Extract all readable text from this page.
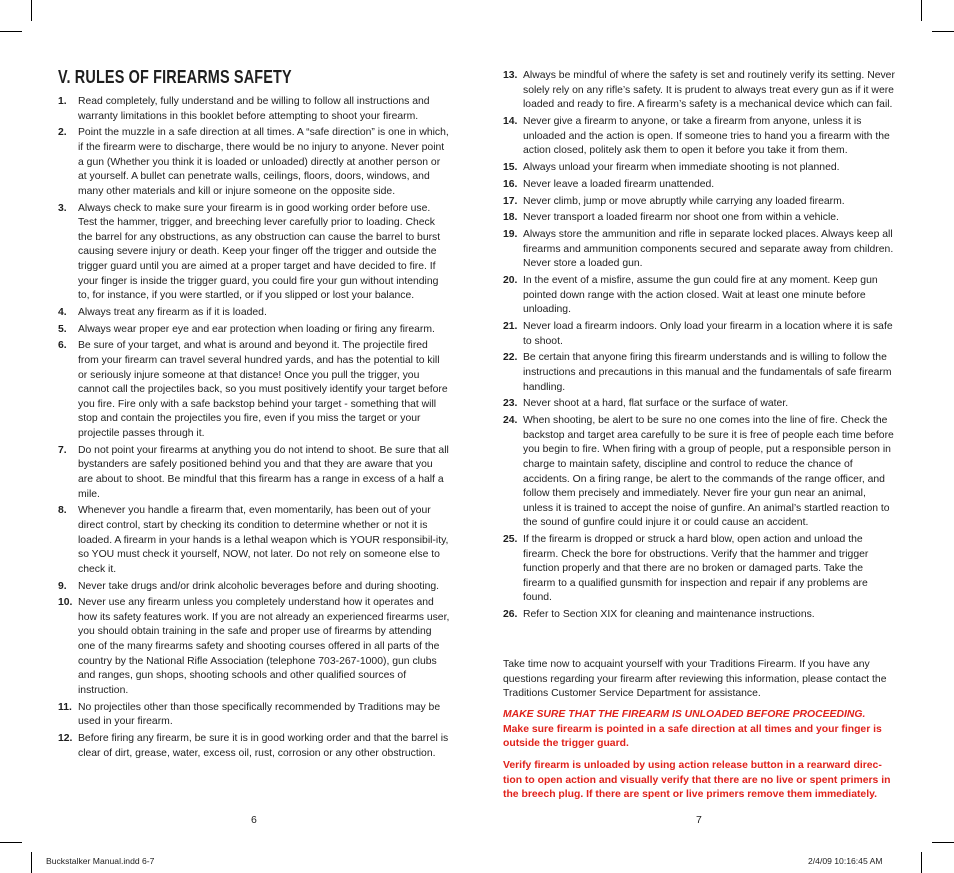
V. RULES OF FIREARMS SAFETY
1. Read completely, fully understand and be willing to follow all instructions and warranty limitations in this booklet before attempting to shoot your firearm.
2. Point the muzzle in a safe direction at all times. A “safe direction” is one in which, if the firearm were to discharge, there would be no injury to anyone. Never point a gun (Whether you think it is loaded or unloaded) directly at another person or at yourself. A bullet can penetrate walls, ceilings, floors, doors, windows, and many other materials and kill or injure someone on the opposite side.
3. Always check to make sure your firearm is in good working order before use. Test the hammer, trigger, and breeching lever carefully prior to loading. Check the barrel for any obstructions, as any obstruction can cause the barrel to burst causing severe injury or death. Keep your finger off the trigger and outside the trigger guard until you are aimed at a proper target and have decided to fire. If your finger is inside the trigger guard, you could fire your gun without intending to, for instance, if you were startled, or if you slipped or lost your balance.
4. Always treat any firearm as if it is loaded.
5. Always wear proper eye and ear protection when loading or firing any firearm.
6. Be sure of your target, and what is around and beyond it. The projectile fired from your firearm can travel several hundred yards, and has the potential to kill or seriously injure someone at that distance! Once you pull the trigger, you cannot call the projectiles back, so you must positively identify your target before you fire. Fire only with a safe backstop behind your target - something that will stop and contain the projectiles you fire, even if you miss the target or your projectile passes through it.
7. Do not point your firearms at anything you do not intend to shoot. Be sure that all bystanders are safely positioned behind you and that they are aware that you are about to shoot. Be mindful that this firearm has a range in excess of a half a mile.
8. Whenever you handle a firearm that, even momentarily, has been out of your direct control, start by checking its condition to determine whether or not it is loaded. A firearm in your hands is a lethal weapon which is YOUR responsibil-ity, so YOU must check it yourself, NOW, not later. Do not rely on someone else to check it.
9. Never take drugs and/or drink alcoholic beverages before and during shooting.
10. Never use any firearm unless you completely understand how it operates and how its safety features work. If you are not already an experienced firearms user, you should obtain training in the safe and proper use of firearms by attending one of the many firearms safety and shooting courses offered in all parts of the country by the National Rifle Association (telephone 703-267-1000), gun clubs and ranges, gun shops, shooting schools and other qualified sources of instruction.
11. No projectiles other than those specifically recommended by Traditions may be used in your firearm.
12. Before firing any firearm, be sure it is in good working order and that the barrel is clear of dirt, grease, water, excess oil, rust, corrosion or any other obstruction.
13. Always be mindful of where the safety is set and routinely verify its setting. Never solely rely on any rifle’s safety. It is prudent to always treat every gun as if it were loaded and ready to fire. A firearm’s safety is a mechanical device which can fail.
14. Never give a firearm to anyone, or take a firearm from anyone, unless it is unloaded and the action is open. If someone tries to hand you a firearm with the action closed, politely ask them to open it before you take it from them.
15. Always unload your firearm when immediate shooting is not planned.
16. Never leave a loaded firearm unattended.
17. Never climb, jump or move abruptly while carrying any loaded firearm.
18. Never transport a loaded firearm nor shoot one from within a vehicle.
19. Always store the ammunition and rifle in separate locked places. Always keep all firearms and ammunition components secured and separate away from children. Never store a loaded gun.
20. In the event of a misfire, assume the gun could fire at any moment. Keep gun pointed down range with the action closed. Wait at least one minute before unloading.
21. Never load a firearm indoors. Only load your firearm in a location where it is safe to shoot.
22. Be certain that anyone firing this firearm understands and is willing to follow the instructions and precautions in this manual and the fundamentals of safe firearm handling.
23. Never shoot at a hard, flat surface or the surface of water.
24. When shooting, be alert to be sure no one comes into the line of fire. Check the backstop and target area carefully to be sure it is free of people each time before you begin to fire. When firing with a group of people, put a responsible person in charge to maintain safety, discipline and control to reduce the chance of accidents. On a firing range, be alert to the commands of the range officer, and follow them precisely and immediately. Never fire your gun near an animal, unless it is trained to accept the noise of gunfire. An animal’s startled reaction to the sound of gunfire could injure it or could cause an accident.
25. If the firearm is dropped or struck a hard blow, open action and unload the firearm. Check the bore for obstructions. Verify that the hammer and trigger function properly and that there are no broken or damaged parts. Take the firearm to a qualified gunsmith for inspection and repair if any problems are found.
26. Refer to Section XIX for cleaning and maintenance instructions.
Take time now to acquaint yourself with your Traditions Firearm. If you have any questions regarding your firearm after reviewing this information, please contact the Traditions Customer Service Department for assistance.
MAKE SURE THAT THE FIREARM IS UNLOADED BEFORE PROCEEDING.
Make sure firearm is pointed in a safe direction at all times and your finger is outside the trigger guard.
Verify firearm is unloaded by using action release button in a rearward direc-tion to open action and visually verify that there are no live or spent primers in the breech plug. If there are spent or live primers remove them immediately.
6	7
Buckstalker Manual.indd 6-7	2/4/09 10:16:45 AM
